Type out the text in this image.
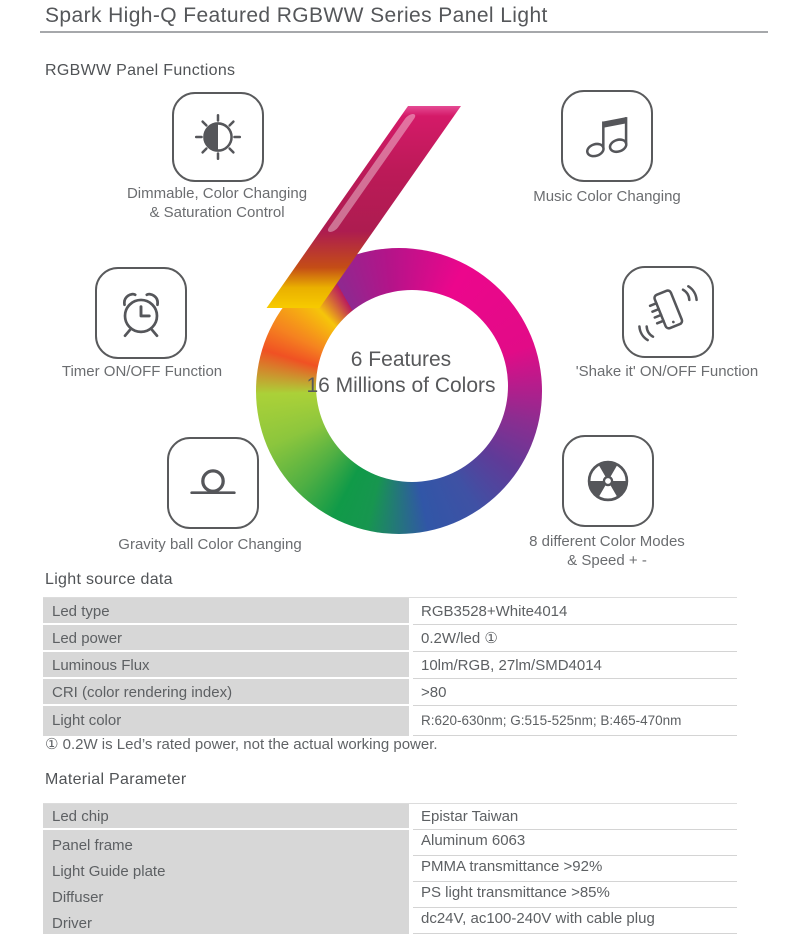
Spark High-Q Featured RGBWW Series Panel Light
RGBWW Panel Functions
6 Features
16 Millions of Colors
Dimmable, Color Changing
& Saturation Control
Music Color Changing
Timer ON/OFF Function	'Shake it' ON/OFF Function
Gravity ball Color Changing	8 different Color Modes
& Speed + -
Light source data
Led type	RGB3528+White4014
Led power	0.2W/led ①
Luminous Flux	10lm/RGB, 27lm/SMD4014
CRI (color rendering index)	>80
Light color	R:620-630nm; G:515-525nm; B:465-470nm
① 0.2W is Led’s rated power, not the actual working power.
Material Parameter
Led chip	Epistar Taiwan
Panel frame	Aluminum 6063
Light Guide plate	PMMA transmittance >92%
Diffuser	PS light transmittance >85%
Driver	dc24V, ac100-240V with cable plug
